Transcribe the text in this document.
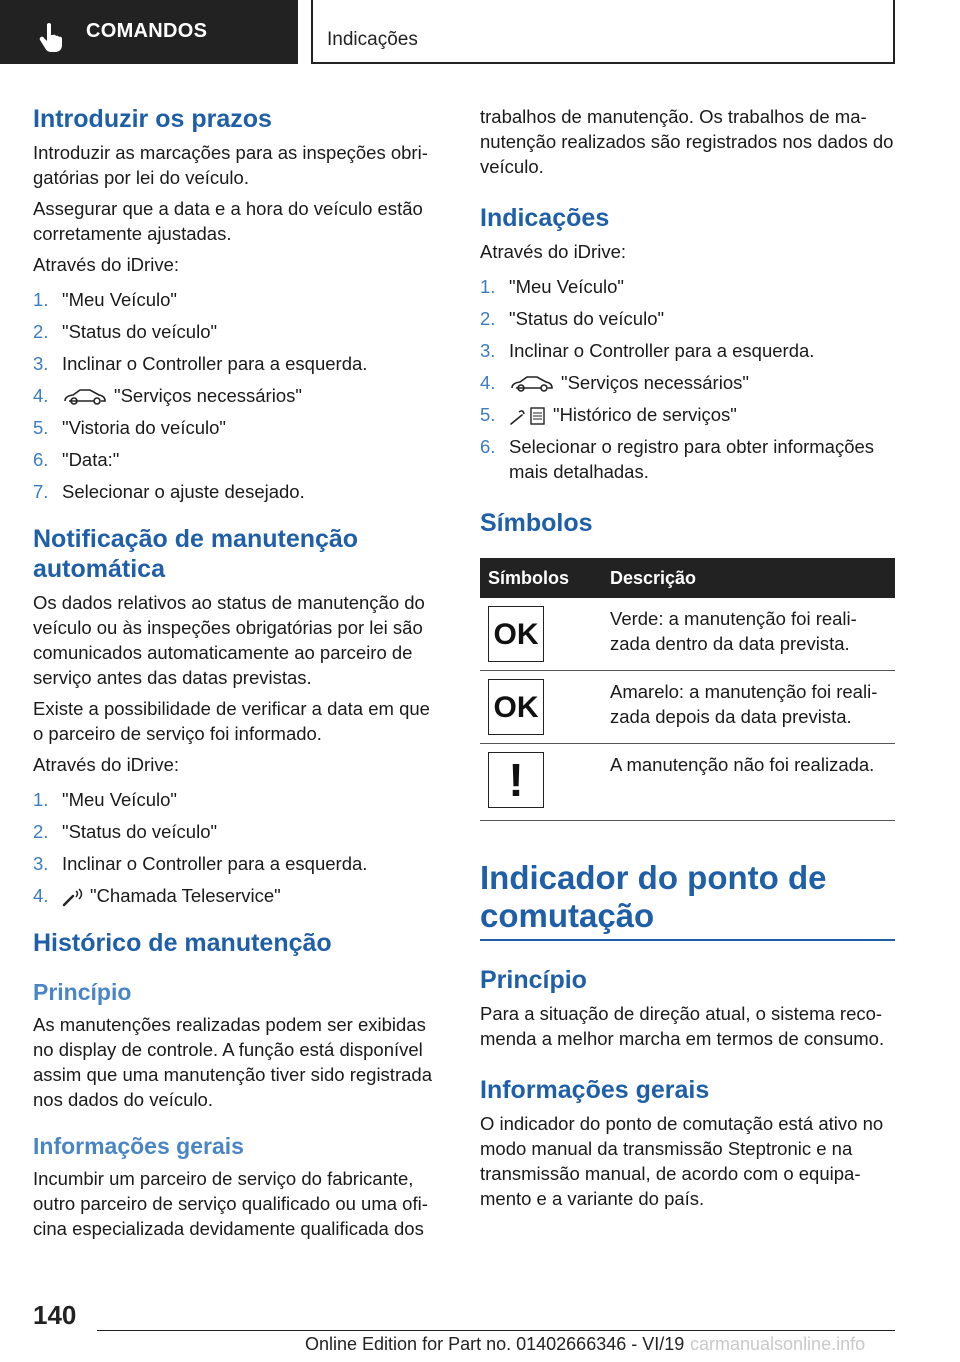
COMANDOS	Indicações
Introduzir os prazos

Introduzir as marcações para as inspeções obrigatórias por lei do veículo.

Assegurar que a data e a hora do veículo estão corretamente ajustadas.

Através do iDrive:

1. "Meu Veículo"
2. "Status do veículo"
3. Inclinar o Controller para a esquerda.
4.	"Serviços necessários"
5. "Vistoria do veículo"
6. "Data:"
7. Selecionar o ajuste desejado.
Notificação de manutenção automática

Os dados relativos ao status de manutenção do veículo ou às inspeções obrigatórias por lei são comunicados automaticamente ao parceiro de serviço antes das datas previstas.

Existe a possibilidade de verificar a data em que o parceiro de serviço foi informado.

Através do iDrive:

1. "Meu Veículo"
2. "Status do veículo"
3. Inclinar o Controller para a esquerda.
4. "Chamada Teleservice"
Histórico de manutenção
Princípio

As manutenções realizadas podem ser exibidas no display de controle. A função está disponível assim que uma manutenção tiver sido registrada nos dados do veículo.

Informações gerais

Incumbir um parceiro de serviço do fabricante, outro parceiro de serviço qualificado ou uma oficina especializada devidamente qualificada dos

trabalhos de manutenção. Os trabalhos de manutenção realizados são registrados nos dados do veículo.

Indicações

Através do iDrive:

1. "Meu Veículo"
2. "Status do veículo"
3. Inclinar o Controller para a esquerda.
4.	"Serviços necessários"
5.	"Histórico de serviços"
6. Selecionar o registro para obter informações mais detalhadas.
Símbolos
Símbolos	Descrição

OK	Verde: a manutenção foi realizada dentro da data prevista.

OK	Amarelo: a manutenção foi realizada depois da data prevista.

!	A manutenção não foi realizada.
Indicador do ponto de comutação
Princípio

Para a situação de direção atual, o sistema recomenda a melhor marcha em termos de consumo.

Informações gerais

O indicador do ponto de comutação está ativo no modo manual da transmissão Steptronic e na transmissão manual, de acordo com o equipamento e a variante do país.

140
Online Edition for Part no. 01402666346 - VI/19 carmanualsonline.info
